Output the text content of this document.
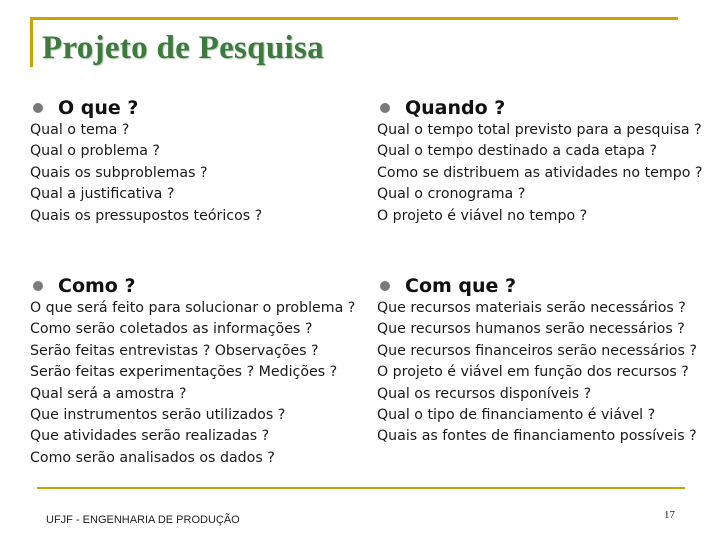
Projeto de Pesquisa
O que ?
Qual o tema ?
Qual o problema ?
Quais os subproblemas ?
Qual a justificativa ?
Quais os pressupostos teóricos ?
Quando ?
Qual o tempo total previsto para a pesquisa ?
Qual o tempo destinado a cada etapa ?
Como se distribuem as atividades no tempo ?
Qual o cronograma ?
O projeto é viável no tempo ?
Como ?
O que será feito para solucionar o problema ?
Como serão coletados as informações ?
Serão feitas entrevistas ? Observações ?
Serão feitas experimentações ? Medições ?
Qual será a amostra ?
Que instrumentos serão utilizados ?
Que atividades serão realizadas ?
Como serão analisados os dados ?
Com que ?
Que recursos materiais serão necessários ?
Que recursos humanos serão necessários ?
Que recursos financeiros serão necessários ?
O projeto é viável em função dos recursos ?
Qual os recursos disponíveis ?
Qual o tipo de financiamento é viável ?
Quais as fontes de financiamento possíveis ?
UFJF - ENGENHARIA DE PRODUÇÃO	17
